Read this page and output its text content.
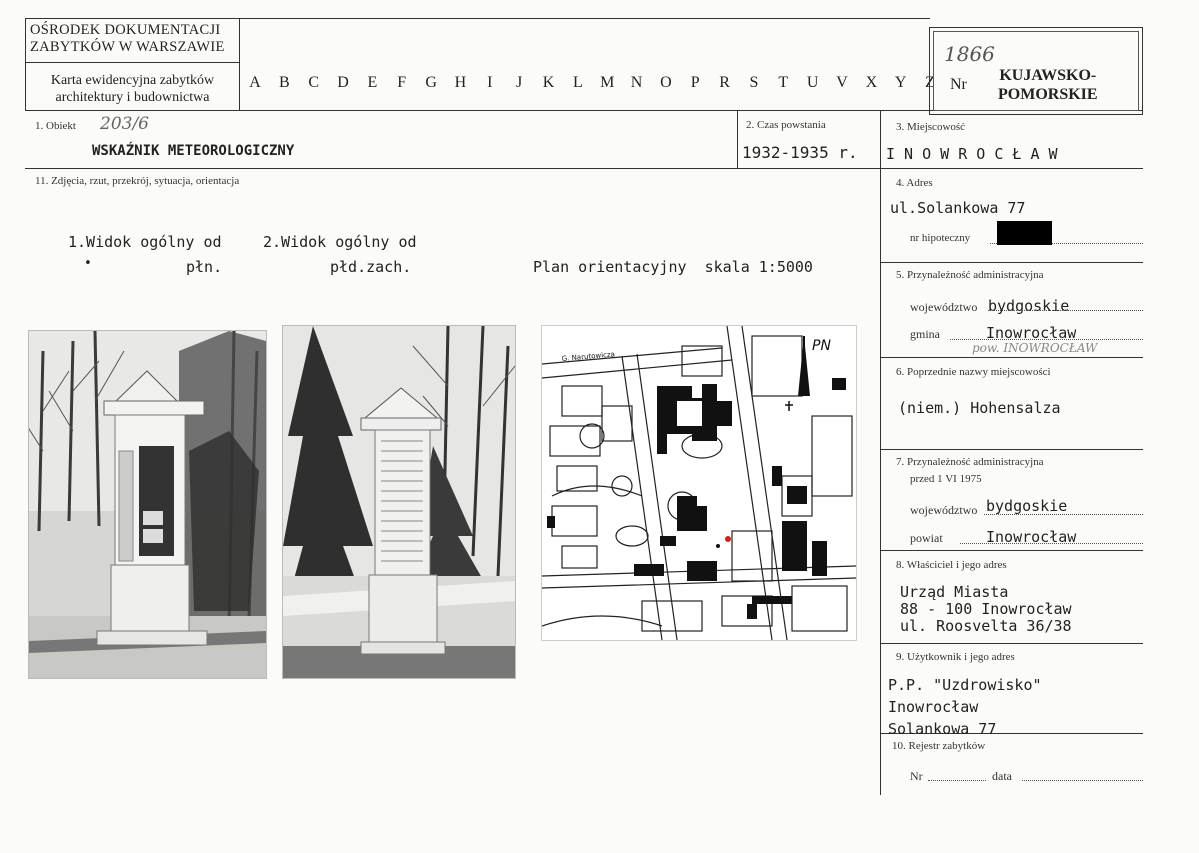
OŚRODEK DOKUMENTACJI
ZABYTKÓW W WARSZAWIE
Karta ewidencyjna zabytków
architektury i budownictwa
A	B	C	D	E	F	G	H	I	J	K	L	M	N	O	P	R	S	T	U	V	X	Y	Z
1866
Nr
KUJAWSKO-
POMORSKIE
1. Obiekt 203/6
WSKAŹNIK METEOROLOGICZNY
2. Czas powstania
1932-1935 r.
3. Miejscowość
I N O W R O C Ł A W
11. Zdjęcia, rzut, przekrój, sytuacja, orientacja
1.Widok ogólny od
•	płn.
2.Widok ogólny od
płd.zach.	Plan orientacyjny  skala 1:5000
PN
G. Narutowicza
4. Adres
ul.Solankowa 77
nr hipoteczny
5. Przynależność administracyjna
województwo bydgoskie
gmina	Inowrocław
pow. INOWROCŁAW
6. Poprzednie nazwy miejscowości
(niem.) Hohensalza
7. Przynależność administracyjna
przed 1 VI 1975
województwo bydgoskie
powiat	Inowrocław
8. Właściciel i jego adres
Urząd Miasta
88 - 100 Inowrocław
ul. Roosvelta 36/38
9. Użytkownik i jego adres
P.P. "Uzdrowisko"
Inowrocław
Solankowa 77
10. Rejestr zabytków
Nr	data
